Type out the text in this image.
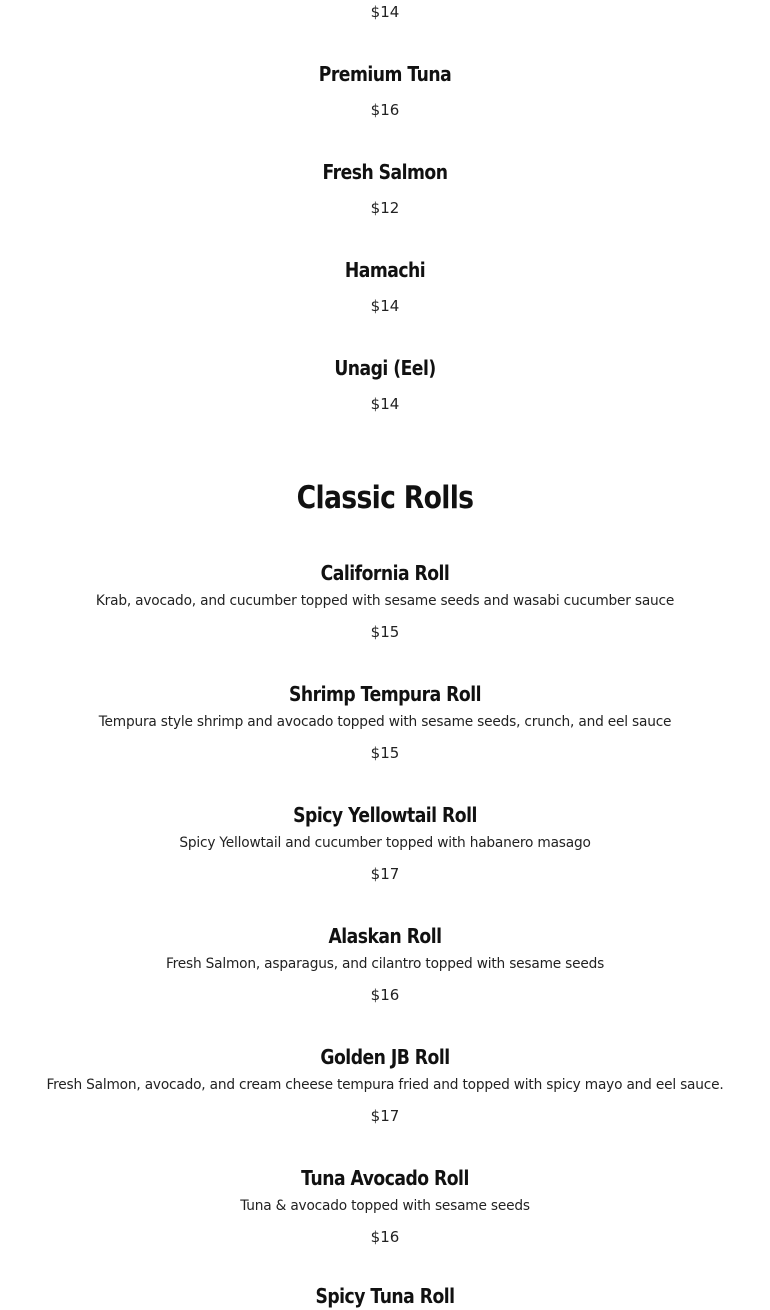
$14
Premium Tuna
$16
Fresh Salmon
$12
Hamachi
$14
Unagi (Eel)
$14
Classic Rolls
California Roll
Krab, avocado, and cucumber topped with sesame seeds and wasabi cucumber sauce
$15
Shrimp Tempura Roll
Tempura style shrimp and avocado topped with sesame seeds, crunch, and eel sauce
$15
Spicy Yellowtail Roll
Spicy Yellowtail and cucumber topped with habanero masago
$17
Alaskan Roll
Fresh Salmon, asparagus, and cilantro topped with sesame seeds
$16
Golden JB Roll
Fresh Salmon, avocado, and cream cheese tempura fried and topped with spicy mayo and eel sauce.
$17
Tuna Avocado Roll
Tuna & avocado topped with sesame seeds
$16
Spicy Tuna Roll
